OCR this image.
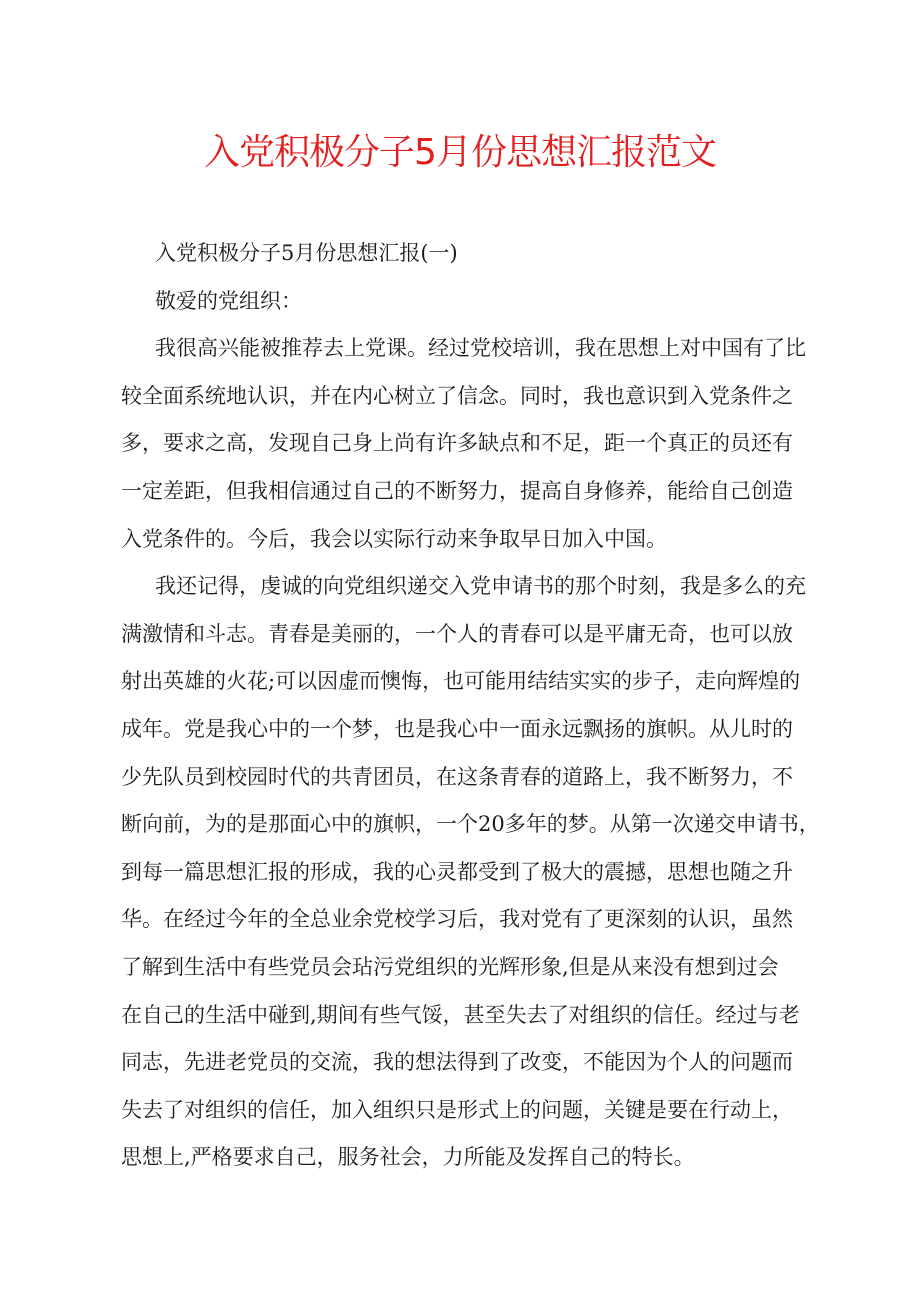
入党积极分子5月份思想汇报范文

入党积极分子5月份思想汇报(一)

敬爱的党组织：

我很高兴能被推荐去上党课。经过党校培训，我在思想上对中国有了比
较全面系统地认识，并在内心树立了信念。同时，我也意识到入党条件之
多，要求之高，发现自己身上尚有许多缺点和不足，距一个真正的员还有
一定差距，但我相信通过自己的不断努力，提高自身修养，能给自己创造
入党条件的。今后，我会以实际行动来争取早日加入中国。

我还记得，虔诚的向党组织递交入党申请书的那个时刻，我是多么的充
满激情和斗志。青春是美丽的，一个人的青春可以是平庸无奇，也可以放
射出英雄的火花;可以因虚而懊悔，也可能用结结实实的步子，走向辉煌的
成年。党是我心中的一个梦，也是我心中一面永远飘扬的旗帜。从儿时的
少先队员到校园时代的共青团员，在这条青春的道路上，我不断努力，不
断向前，为的是那面心中的旗帜，一个20多年的梦。从第一次递交申请书，
到每一篇思想汇报的形成，我的心灵都受到了极大的震撼，思想也随之升
华。在经过今年的全总业余党校学习后，我对党有了更深刻的认识，虽然
了解到生活中有些党员会玷污党组织的光辉形象,但是从来没有想到过会
在自己的生活中碰到,期间有些气馁，甚至失去了对组织的信任。经过与老
同志，先进老党员的交流，我的想法得到了改变，不能因为个人的问题而
失去了对组织的信任，加入组织只是形式上的问题，关键是要在行动上，
思想上,严格要求自己，服务社会，力所能及发挥自己的特长。
